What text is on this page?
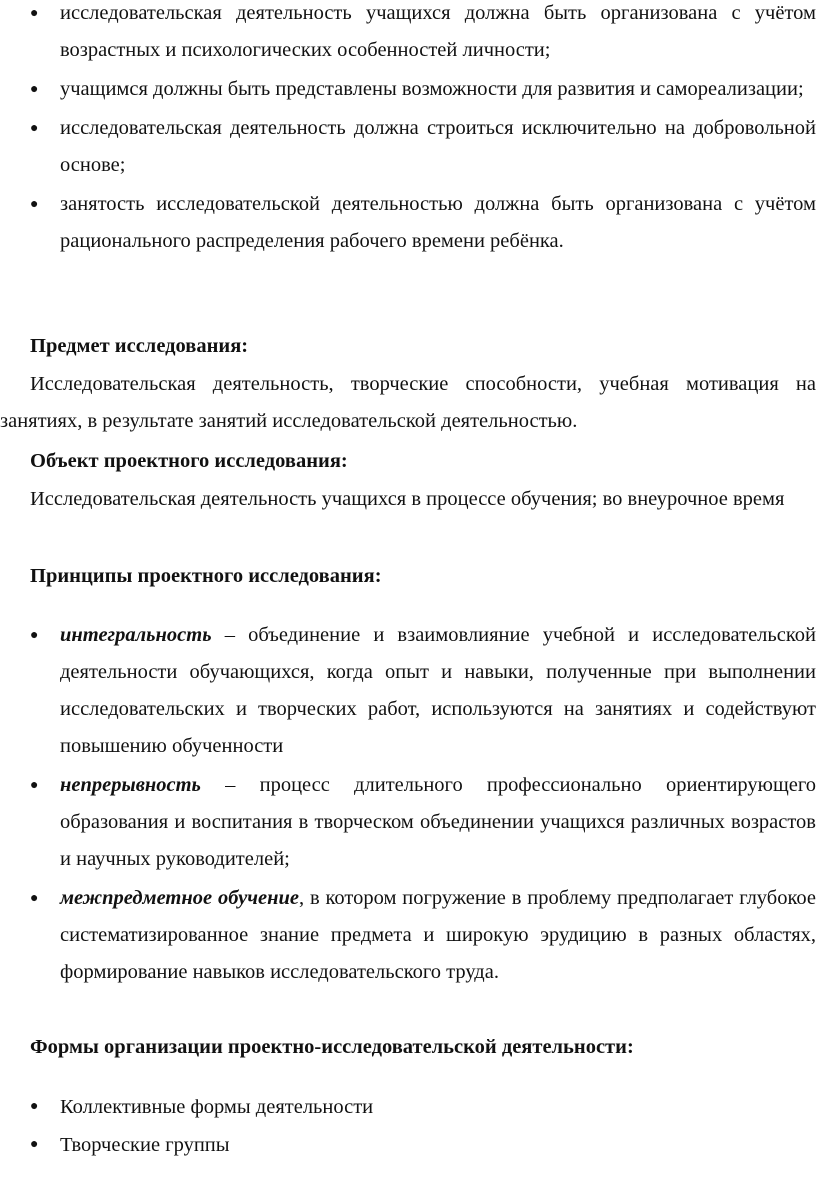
● исследовательская деятельность учащихся должна быть организована с учётом возрастных и психологических особенностей личности;
● учащимся должны быть представлены возможности для развития и самореализации;
● исследовательская деятельность должна строиться исключительно на добровольной основе;
● занятость исследовательской деятельностью должна быть организована с учётом рационального распределения рабочего времени ребёнка.
Предмет исследования:
Исследовательская деятельность, творческие способности, учебная мотивация на занятиях, в результате занятий исследовательской деятельностью.
Объект проектного исследования:
Исследовательская деятельность учащихся в процессе обучения; во внеурочное время
Принципы проектного исследования:
● интегральность – объединение и взаимовлияние учебной и исследовательской деятельности обучающихся, когда опыт и навыки, полученные при выполнении исследовательских и творческих работ, используются на занятиях и содействуют повышению обученности
● непрерывность – процесс длительного профессионально ориентирующего образования и воспитания в творческом объединении учащихся различных возрастов и научных руководителей;
● межпредметное обучение, в котором погружение в проблему предполагает глубокое систематизированное знание предмета и широкую эрудицию в разных областях, формирование навыков исследовательского труда.
Формы организации проектно-исследовательской деятельности:
● Коллективные формы деятельности
● Творческие группы
